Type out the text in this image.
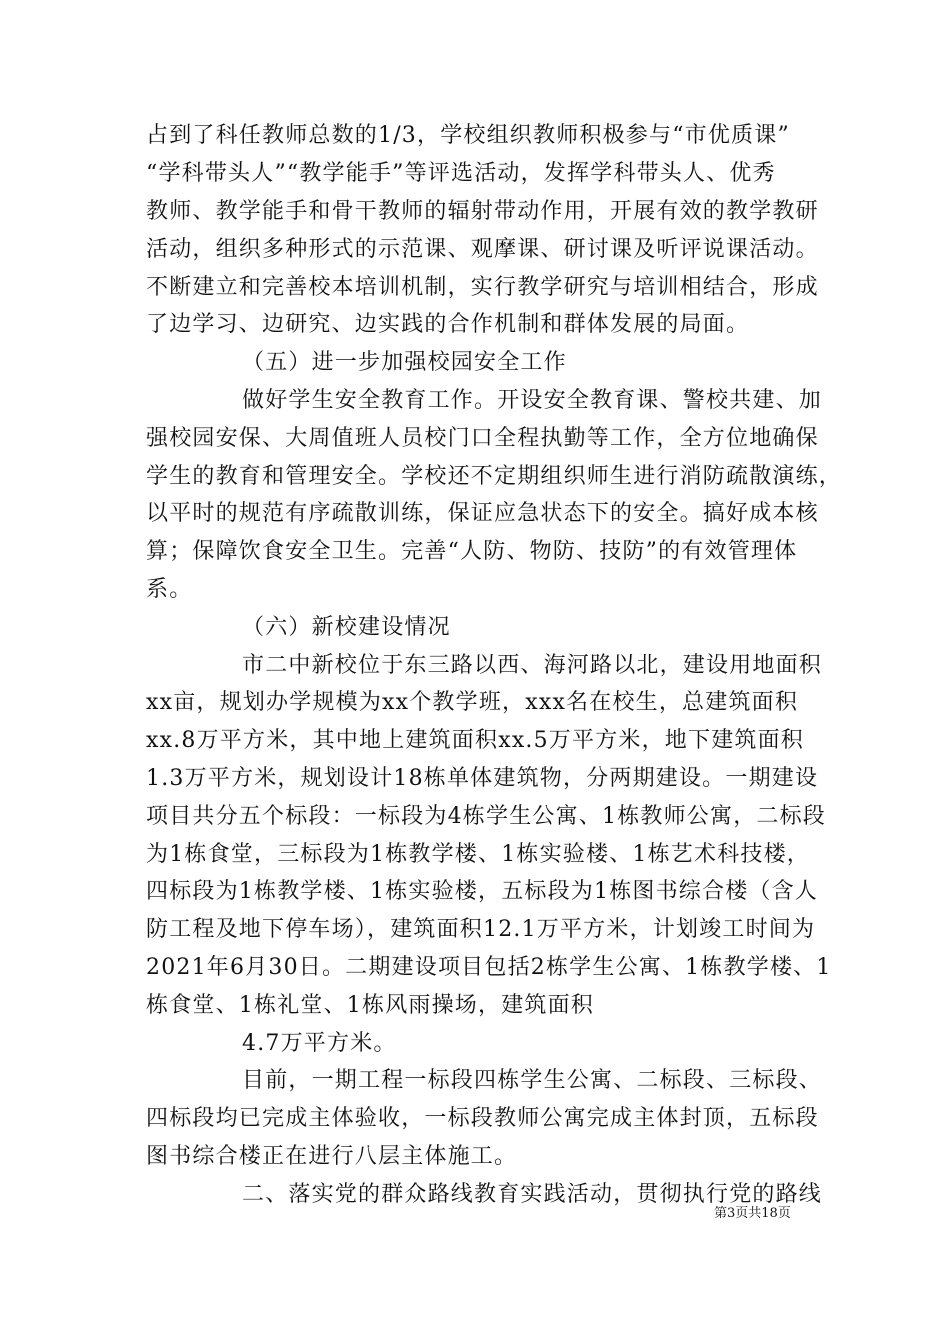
占到了科任教师总数的1/3，学校组织教师积极参与“市优质课”
“学科带头人”“教学能手”等评选活动，发挥学科带头人、优秀
教师、教学能手和骨干教师的辐射带动作用，开展有效的教学教研
活动，组织多种形式的示范课、观摩课、研讨课及听评说课活动。
不断建立和完善校本培训机制，实行教学研究与培训相结合，形成
了边学习、边研究、边实践的合作机制和群体发展的局面。
（五）进一步加强校园安全工作
做好学生安全教育工作。开设安全教育课、警校共建、加
强校园安保、大周值班人员校门口全程执勤等工作，全方位地确保
学生的教育和管理安全。学校还不定期组织师生进行消防疏散演练，
以平时的规范有序疏散训练，保证应急状态下的安全。搞好成本核
算；保障饮食安全卫生。完善“人防、物防、技防”的有效管理体
系。
（六）新校建设情况
市二中新校位于东三路以西、海河路以北，建设用地面积
xx亩，规划办学规模为xx个教学班，xxx名在校生，总建筑面积
xx.8万平方米，其中地上建筑面积xx.5万平方米，地下建筑面积
1.3万平方米，规划设计18栋单体建筑物，分两期建设。一期建设
项目共分五个标段：一标段为4栋学生公寓、1栋教师公寓，二标段
为1栋食堂，三标段为1栋教学楼、1栋实验楼、1栋艺术科技楼，
四标段为1栋教学楼、1栋实验楼，五标段为1栋图书综合楼（含人
防工程及地下停车场），建筑面积12.1万平方米，计划竣工时间为
2021年6月30日。二期建设项目包括2栋学生公寓、1栋教学楼、1
栋食堂、1栋礼堂、1栋风雨操场，建筑面积
4.7万平方米。
目前，一期工程一标段四栋学生公寓、二标段、三标段、
四标段均已完成主体验收，一标段教师公寓完成主体封顶，五标段
图书综合楼正在进行八层主体施工。
二、落实党的群众路线教育实践活动，贯彻执行党的路线
第3页共18页
